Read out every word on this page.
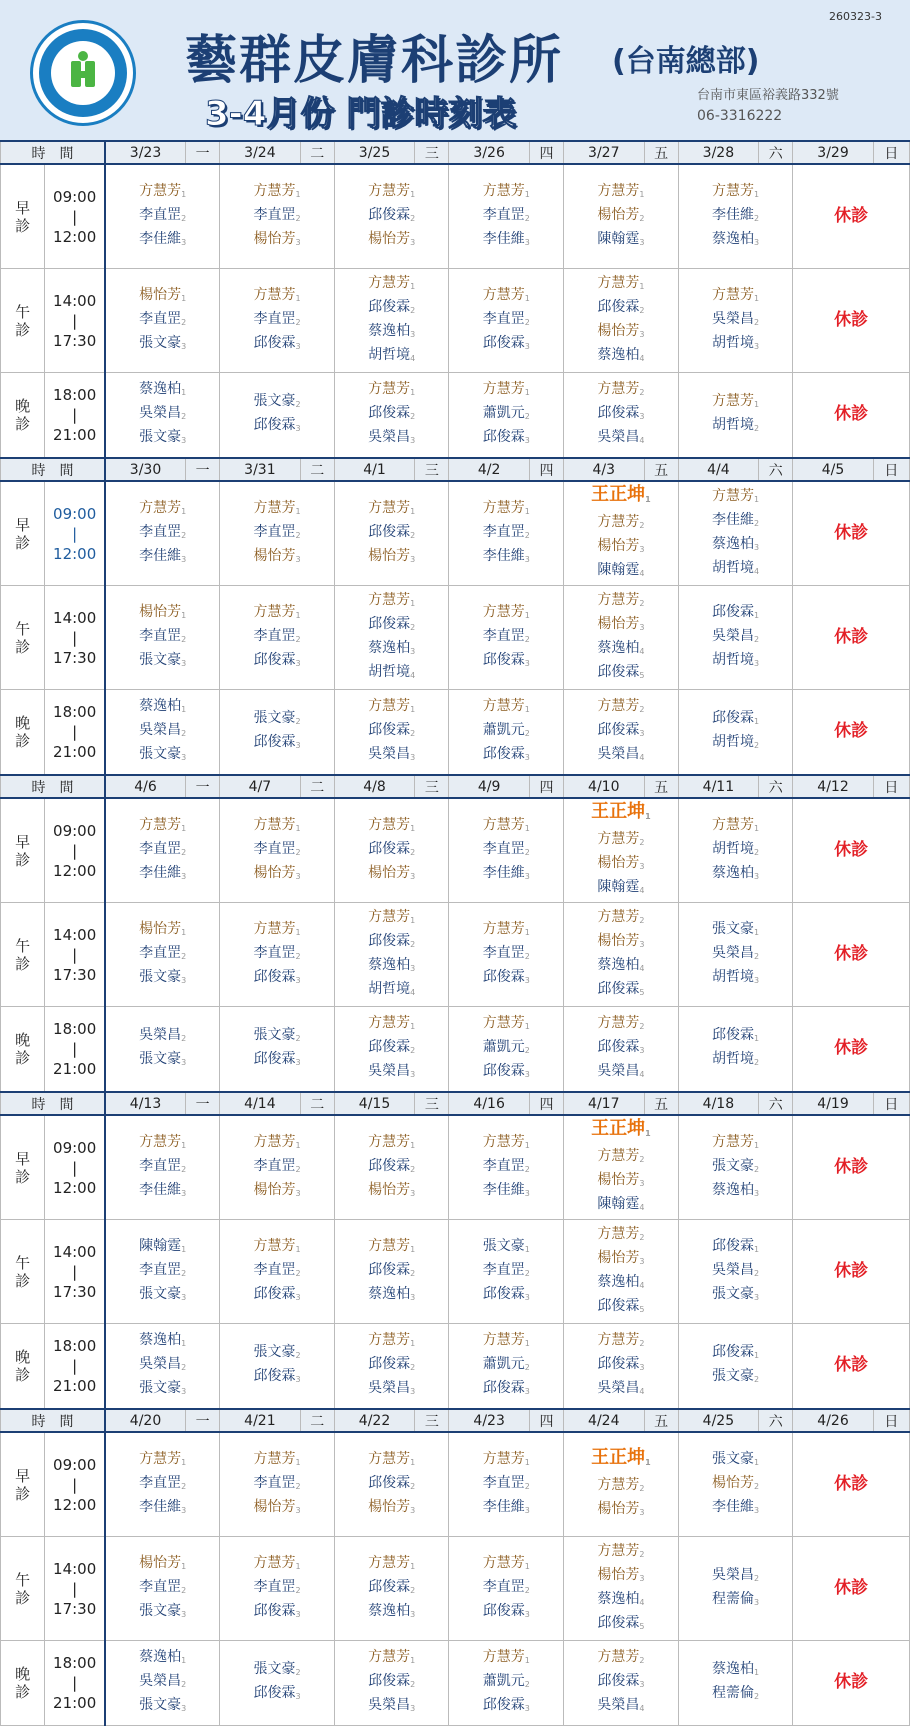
260323-3
藝群皮膚科診所
3-4月份 門診時刻表
(台南總部)
台南市東區裕義路332號
06-3316222
時　間		3/23	一	3/24	二	3/25	三	3/26	四	3/27	五	3/28	六	3/29	日

早
診	09:00
|
12:00	方慧芳$_1$
李直罡$_2$
李佳維$_3$		方慧芳$_1$
李直罡$_2$
楊怡芳$_3$		方慧芳$_1$
邱俊霖$_2$
楊怡芳$_3$		方慧芳$_1$
李直罡$_2$
李佳維$_3$		方慧芳$_1$
楊怡芳$_2$
陳翰霆$_3$		方慧芳$_1$
李佳維$_2$
蔡逸柏$_3$		休診	

午
診	14:00
|
17:30	楊怡芳$_1$
李直罡$_2$
張文豪$_3$		方慧芳$_1$
李直罡$_2$
邱俊霖$_3$		方慧芳$_1$
邱俊霖$_2$
蔡逸柏$_3$
胡哲境$_4$		方慧芳$_1$
李直罡$_2$
邱俊霖$_3$		方慧芳$_1$
邱俊霖$_2$
楊怡芳$_3$
蔡逸柏$_4$		方慧芳$_1$
吳榮昌$_2$
胡哲境$_3$		休診	

晚
診	18:00
|
21:00	蔡逸柏$_1$
吳榮昌$_2$
張文豪$_3$		張文豪$_2$
邱俊霖$_3$		方慧芳$_1$
邱俊霖$_2$
吳榮昌$_3$		方慧芳$_1$
蕭凱元$_2$
邱俊霖$_3$		方慧芳$_2$
邱俊霖$_3$
吳榮昌$_4$		方慧芳$_1$
胡哲境$_2$		休診	
時　間		3/30	一	3/31	二	4/1	三	4/2	四	4/3	五	4/4	六	4/5	日

早
診	09:00
|
12:00	方慧芳$_1$
李直罡$_2$
李佳維$_3$		方慧芳$_1$
李直罡$_2$
楊怡芳$_3$		方慧芳$_1$
邱俊霖$_2$
楊怡芳$_3$		方慧芳$_1$
李直罡$_2$
李佳維$_3$		王正坤$_1$
方慧芳$_2$
楊怡芳$_3$
陳翰霆$_4$		方慧芳$_1$
李佳維$_2$
蔡逸柏$_3$
胡哲境$_4$		休診	

午
診	14:00
|
17:30	楊怡芳$_1$
李直罡$_2$
張文豪$_3$		方慧芳$_1$
李直罡$_2$
邱俊霖$_3$		方慧芳$_1$
邱俊霖$_2$
蔡逸柏$_3$
胡哲境$_4$		方慧芳$_1$
李直罡$_2$
邱俊霖$_3$		方慧芳$_2$
楊怡芳$_3$
蔡逸柏$_4$
邱俊霖$_5$		邱俊霖$_1$
吳榮昌$_2$
胡哲境$_3$		休診	

晚
診	18:00
|
21:00	蔡逸柏$_1$
吳榮昌$_2$
張文豪$_3$		張文豪$_2$
邱俊霖$_3$		方慧芳$_1$
邱俊霖$_2$
吳榮昌$_3$		方慧芳$_1$
蕭凱元$_2$
邱俊霖$_3$		方慧芳$_2$
邱俊霖$_3$
吳榮昌$_4$		邱俊霖$_1$
胡哲境$_2$		休診	
時　間		4/6	一	4/7	二	4/8	三	4/9	四	4/10	五	4/11	六	4/12	日

早
診	09:00
|
12:00	方慧芳$_1$
李直罡$_2$
李佳維$_3$		方慧芳$_1$
李直罡$_2$
楊怡芳$_3$		方慧芳$_1$
邱俊霖$_2$
楊怡芳$_3$		方慧芳$_1$
李直罡$_2$
李佳維$_3$		王正坤$_1$
方慧芳$_2$
楊怡芳$_3$
陳翰霆$_4$		方慧芳$_1$
胡哲境$_2$
蔡逸柏$_3$		休診	

午
診	14:00
|
17:30	楊怡芳$_1$
李直罡$_2$
張文豪$_3$		方慧芳$_1$
李直罡$_2$
邱俊霖$_3$		方慧芳$_1$
邱俊霖$_2$
蔡逸柏$_3$
胡哲境$_4$		方慧芳$_1$
李直罡$_2$
邱俊霖$_3$		方慧芳$_2$
楊怡芳$_3$
蔡逸柏$_4$
邱俊霖$_5$		張文豪$_1$
吳榮昌$_2$
胡哲境$_3$		休診	

晚
診	18:00
|
21:00	吳榮昌$_2$
張文豪$_3$		張文豪$_2$
邱俊霖$_3$		方慧芳$_1$
邱俊霖$_2$
吳榮昌$_3$		方慧芳$_1$
蕭凱元$_2$
邱俊霖$_3$		方慧芳$_2$
邱俊霖$_3$
吳榮昌$_4$		邱俊霖$_1$
胡哲境$_2$		休診	
時　間		4/13	一	4/14	二	4/15	三	4/16	四	4/17	五	4/18	六	4/19	日

早
診	09:00
|
12:00	方慧芳$_1$
李直罡$_2$
李佳維$_3$		方慧芳$_1$
李直罡$_2$
楊怡芳$_3$		方慧芳$_1$
邱俊霖$_2$
楊怡芳$_3$		方慧芳$_1$
李直罡$_2$
李佳維$_3$		王正坤$_1$
方慧芳$_2$
楊怡芳$_3$
陳翰霆$_4$		方慧芳$_1$
張文豪$_2$
蔡逸柏$_3$		休診	

午
診	14:00
|
17:30	陳翰霆$_1$
李直罡$_2$
張文豪$_3$		方慧芳$_1$
李直罡$_2$
邱俊霖$_3$		方慧芳$_1$
邱俊霖$_2$
蔡逸柏$_3$		張文豪$_1$
李直罡$_2$
邱俊霖$_3$		方慧芳$_2$
楊怡芳$_3$
蔡逸柏$_4$
邱俊霖$_5$		邱俊霖$_1$
吳榮昌$_2$
張文豪$_3$		休診	

晚
診	18:00
|
21:00	蔡逸柏$_1$
吳榮昌$_2$
張文豪$_3$		張文豪$_2$
邱俊霖$_3$		方慧芳$_1$
邱俊霖$_2$
吳榮昌$_3$		方慧芳$_1$
蕭凱元$_2$
邱俊霖$_3$		方慧芳$_2$
邱俊霖$_3$
吳榮昌$_4$		邱俊霖$_1$
張文豪$_2$		休診	
時　間		4/20	一	4/21	二	4/22	三	4/23	四	4/24	五	4/25	六	4/26	日

早
診	09:00
|
12:00	方慧芳$_1$
李直罡$_2$
李佳維$_3$		方慧芳$_1$
李直罡$_2$
楊怡芳$_3$		方慧芳$_1$
邱俊霖$_2$
楊怡芳$_3$		方慧芳$_1$
李直罡$_2$
李佳維$_3$		王正坤$_1$
方慧芳$_2$
楊怡芳$_3$		張文豪$_1$
楊怡芳$_2$
李佳維$_3$		休診	

午
診	14:00
|
17:30	楊怡芳$_1$
李直罡$_2$
張文豪$_3$		方慧芳$_1$
李直罡$_2$
邱俊霖$_3$		方慧芳$_1$
邱俊霖$_2$
蔡逸柏$_3$		方慧芳$_1$
李直罡$_2$
邱俊霖$_3$		方慧芳$_2$
楊怡芳$_3$
蔡逸柏$_4$
邱俊霖$_5$		吳榮昌$_2$
程薷倫$_3$		休診	

晚
診	18:00
|
21:00	蔡逸柏$_1$
吳榮昌$_2$
張文豪$_3$		張文豪$_2$
邱俊霖$_3$		方慧芳$_1$
邱俊霖$_2$
吳榮昌$_3$		方慧芳$_1$
蕭凱元$_2$
邱俊霖$_3$		方慧芳$_2$
邱俊霖$_3$
吳榮昌$_4$		蔡逸柏$_1$
程薷倫$_2$		休診	
